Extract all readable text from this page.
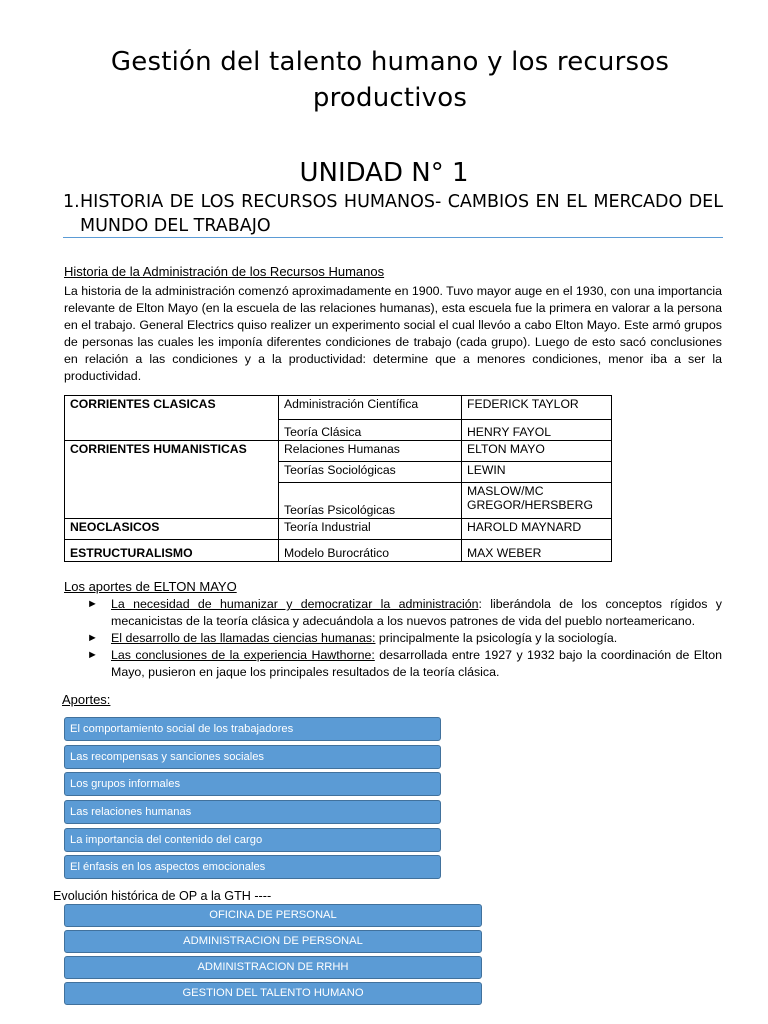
Gestión del talento humano y los recursos productivos
UNIDAD N° 1
1. HISTORIA DE LOS RECURSOS HUMANOS- CAMBIOS EN EL MERCADO DEL MUNDO DEL TRABAJO
Historia de la Administración de los Recursos Humanos
La historia de la administración comenzó aproximadamente en 1900. Tuvo mayor auge en el 1930, con una importancia relevante de Elton Mayo (en la escuela de las relaciones humanas), esta escuela fue la primera en valorar a la persona en el trabajo. General Electrics quiso realizer un experimento social el cual llevóo a cabo Elton Mayo. Este armó grupos de personas las cuales les imponía diferentes condiciones de trabajo (cada grupo). Luego de esto sacó conclusiones en relación a las condiciones y a la productividad: determine que a menores condiciones, menor iba a ser la productividad.
CORRIENTES CLASICAS	Administración Científica	FEDERICK TAYLOR
	Teoría Clásica	HENRY FAYOL
CORRIENTES HUMANISTICAS	Relaciones Humanas	ELTON MAYO
	Teorías Sociológicas	LEWIN
	Teorías Psicológicas	MASLOW/MC GREGOR/HERSBERG
NEOCLASICOS	Teoría Industrial	HAROLD MAYNARD
ESTRUCTURALISMO	Modelo Burocrático	MAX WEBER
Los aportes de ELTON MAYO
► La necesidad de humanizar y democratizar la administración: liberándola de los conceptos rígidos y mecanicistas de la teoría clásica y adecuándola a los nuevos patrones de vida del pueblo norteamericano.
► El desarrollo de las llamadas ciencias humanas: principalmente la psicología y la sociología.
► Las conclusiones de la experiencia Hawthorne: desarrollada entre 1927 y 1932 bajo la coordinación de Elton Mayo, pusieron en jaque los principales resultados de la teoría clásica.
Aportes:
El comportamiento social de los trabajadores
Las recompensas y sanciones sociales
Los grupos informales
Las relaciones humanas
La importancia del contenido del cargo
El énfasis en los aspectos emocionales
Evolución histórica de OP a la GTH ----
OFICINA DE PERSONAL
ADMINISTRACION DE PERSONAL
ADMINISTRACION DE RRHH
GESTION DEL TALENTO HUMANO
